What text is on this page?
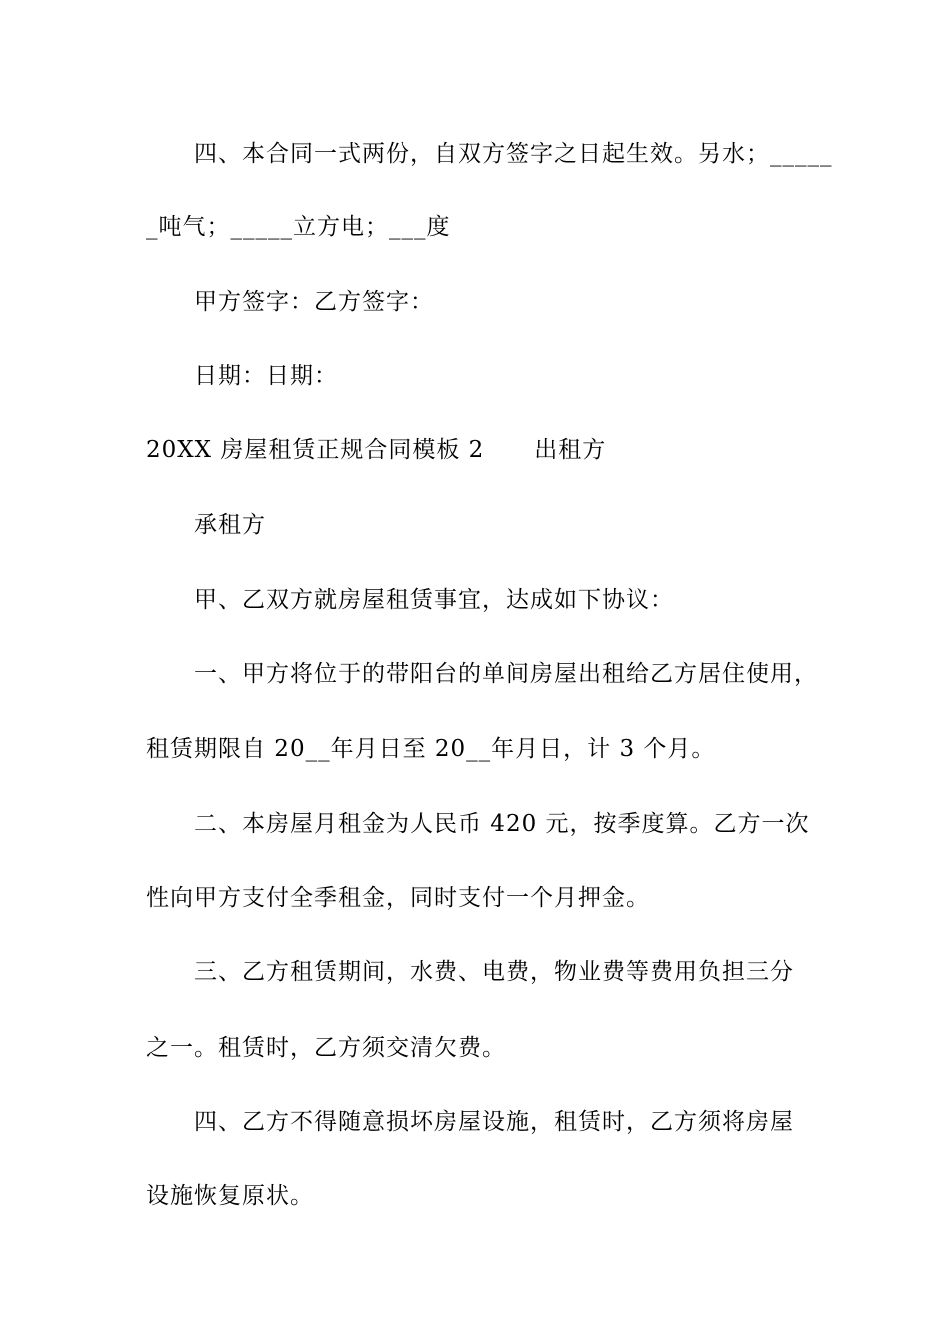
四、本合同一式两份，自双方签字之日起生效。另水；_____
_吨气；_____立方电；___度
甲方签字：乙方签字：
日期：日期：
20XX 房屋租赁正规合同模板 2 出租方
承租方
甲、乙双方就房屋租赁事宜，达成如下协议：
一、甲方将位于的带阳台的单间房屋出租给乙方居住使用，
租赁期限自 20__年月日至 20__年月日，计 3 个月。
二、本房屋月租金为人民币 420 元，按季度算。乙方一次
性向甲方支付全季租金，同时支付一个月押金。
三、乙方租赁期间，水费、电费，物业费等费用负担三分
之一。租赁时，乙方须交清欠费。
四、乙方不得随意损坏房屋设施，租赁时，乙方须将房屋
设施恢复原状。
